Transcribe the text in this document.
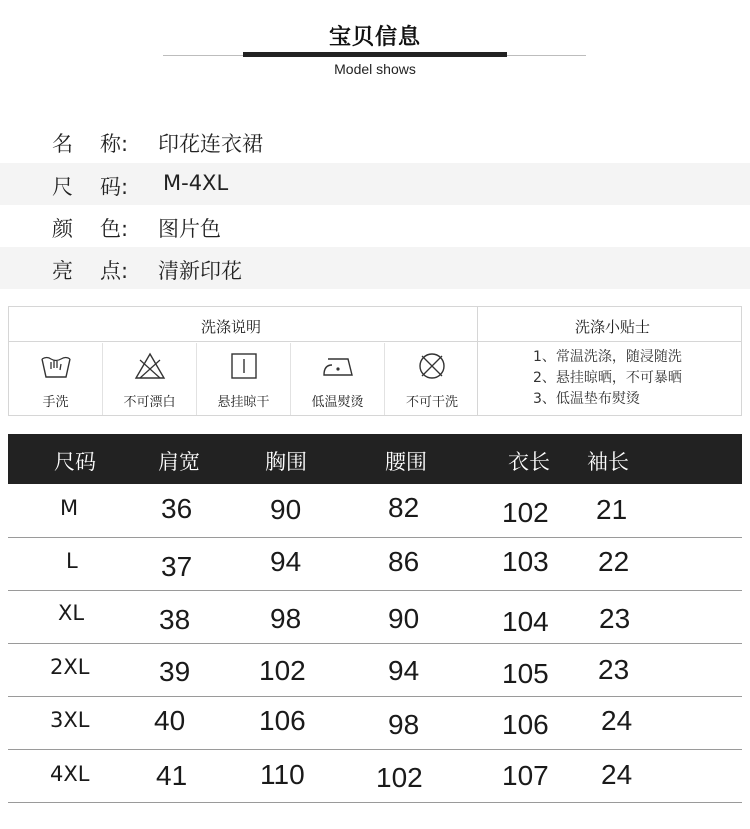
宝贝信息
Model shows
名 称: 印花连衣裙
尺 码: M-4XL
颜 色: 图片色
亮 点: 清新印花
洗涤说明	洗涤小贴士
手洗	不可漂白	悬挂晾干	低温熨烫	不可干洗
1、常温洗涤，随浸随洗
2、悬挂晾晒，不可暴晒
3、低温垫布熨烫
尺码	肩宽	胸围	腰围	衣长 袖长
M	36	90	82	102 21
L	37	94	86	103 22
XL	38	98	90	104 23
2XL 39 102	94	105 23
3XL 40	106	98	106 24
4XL 41	110	102	107 24
